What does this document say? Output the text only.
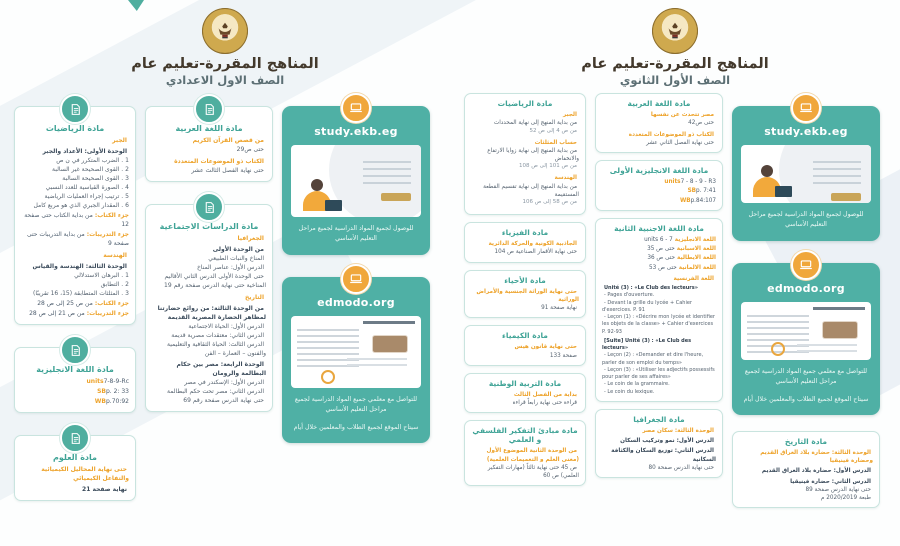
المناهج المقررة-تعليم عام
الصف الاول الاعدادي
مادة الرياضيات

الجبر

الوحدة الأولى: الأعداد والجبر

1. الضرب المتكرر في ن ص

2. القوى الصحيحة غير السالبة

3. القوى الصحيحة السالبة

4. الصورة القياسية للعدد النسبي

5. ترتيب إجراء العمليات الرياضية

6. المقدار الجبري الذي هو مربع كامل

جزء الكتاب:من بداية الكتاب حتى صفحة 12

جزء التدريبات:من بداية التدريبات حتى صفحة 9

الهندسة

الوحدة الثالثة: الهندسة والقياس

1. البرهان الاستدلالي

2. التطابق

3. المثلثات المتطابقة (15، 16 تقريبًا)

جزء الكتاب:من ص 25 إلى ص 28

جزء التدريبات:من ص 21 إلى ص 28

مادة اللغة الانجليزية

units7-8-9-Rc

SBp. 2: 33

WBp.70:92

مادة العلوم

حتى نهاية المحاليل الكيميائية والتفاعل الكيميائي

نهاية صفحة 21

مادة اللغة العربية

من قصص القرآن الكريم

حتى ص29

الكتاب ذو الموضوعات المتعددة

حتى نهاية الفصل الثالث عشر

مادة الدراسات الاجتماعية

الجغرافيا

من الوحدة الأولى

المناخ والنبات الطبيعي

الدرس الأول: عناصر المناخ

حتى الوحدة الأولى الدرس الثاني الأقاليم المناخية حتى نهاية الدرس صفحة رقم 19

التاريخ

من الوحدة الثالثة: من روائع حضارتنا لمظاهر الحضارة المصرية القديمة

الدرس الأول: الحياة الاجتماعية

الدرس الثاني: معتقدات مصرية قديمة

الدرس الثالث: الحياة الثقافية والتعليمية والفنون – العمارة – الفن

الوحدة الرابعة: مصر بين حكام البطالمة والرومان

الدرس الأول: الإسكندر في مصر

الدرس الثاني: مصر تحت حكم البطالمة

حتى نهاية الدرس صفحة رقم 69

study.ekb.eg

للوصول لجميع المواد الدراسية لجميع مراحل التعليم الأساسي

edmodo.org

للتواصل مع معلمي جميع المواد الدراسية لجميع مراحل التعليم الأساسي

سيتاح الموقع لجميع الطلاب والمعلمين خلال أيام

المناهج المقررة-تعليم عام
الصف الأول الثانوي
مادة الرياضيات

الجبر

من بداية المنهج إلى نهاية المحددات

من ص 4 إلى ص 52

حساب المثلثات

من بداية المنهج إلى نهاية زوايا الارتفاع والانخفاض

من ص 101 إلى ص 108

الهندسة

من بداية المنهج إلى نهاية تقسيم القطعة المستقيمة

من ص 58 إلى ص 106

مادة الفيزياء

الجاذبية الكونية والحركة الدائرية

حتى نهاية الأقمار الصناعية ص 104

مادة الأحياء

حتى نهاية الوراثة الجنسية والأمراض الوراثية

نهاية صفحة 91

مادة الكيمياء

حتى نهاية قانون هيس

صفحة 133

مادة التربية الوطنية

بداية من الفصل الثالث

قراءة حتى نهاية رابعاً قراءة

مادة مبادئ التفكير الفلسفي و العلمي

من الوحدة الثانية الموضوع الأول (معنى العلم و التعميمات العلمية)

ص 45 حتى نهاية ثالثاً (مهارات التفكير العلمي) ص 60

مادة اللغة العربية

مصر تتحدث عن نفسها

حتى ص42

الكتاب ذو الموضوعات المتعددة

حتى نهاية الفصل الثاني عشر

مادة اللغة الانجليزية الأولى

units7 - 8 - 9 - R3

SBp. 7:41

WBp.84:107

مادة اللغة الاجنبية الثانية

اللغة الانجليزيةunits 6 - 7

اللغة الاسبانيةحتى ص 35

اللغة الايطاليةحتى ص 36

اللغة الالمانيةحتى ص 53

اللغة الفرنسية

Unité (3) : «Le Club des lecteurs»

- Pages d'ouverture.

- Devant la grille du lycée + Cahier d'exercices. P. 91

- Leçon (1) : «Décrire mon lycée et identifier les objets de la classe» + Cahier d'exercices P. 92-93

[Suite] Unité (3) : «Le Club des lecteurs»

- Leçon (2) : «Demander et dire l'heure, parler de son emploi du temps»

- Leçon (3) : «Utiliser les adjectifs possessifs pour parler de ses affaires»

- Le coin de la grammaire.

- Le coin du lexique.

مادة الجغرافيا

الوحدة الثالثة: سكان مصر

الدرس الأول: نمو وتركيب السكان

الدرس الثاني: توزيع السكان والكثافة السكانية

حتى نهاية الدرس صفحة 80

study.ekb.eg

للوصول لجميع المواد الدراسية لجميع مراحل التعليم الأساسي

edmodo.org

للتواصل مع معلمي جميع المواد الدراسية لجميع مراحل التعليم الأساسي

سيتاح الموقع لجميع الطلاب والمعلمين خلال أيام

مادة التاريخ

الوحدة الثالثة: حضارة بلاد العراق القديم وحضارة فينيقيا

الدرس الأول: حضارة بلاد العراق القديم

الدرس الثاني: حضارة فينيقيا

حتى نهاية الدرس صفحة 89

طبعة 2020/2019 م
